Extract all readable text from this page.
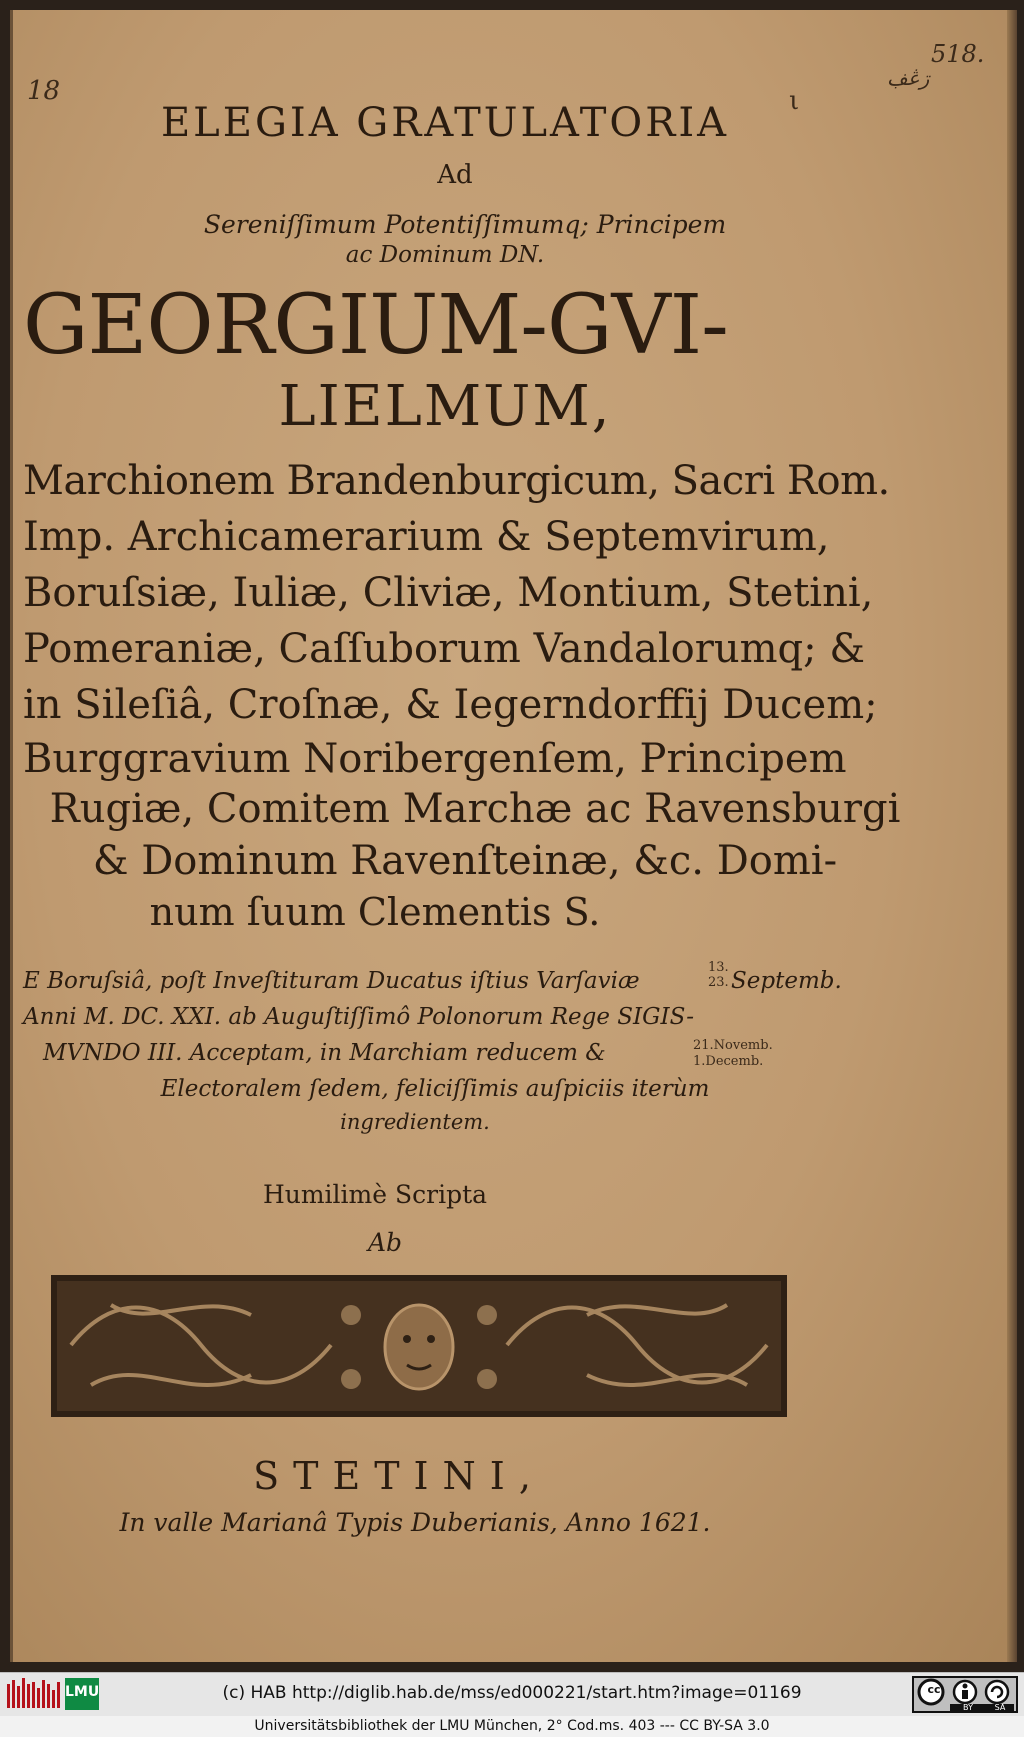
518.
ڗڠڣ
18	ι
ELEGIA GRATULATORIA
Ad
Sereniſſimum Potentiſſimumq; Principem
ac Dominum DN.
GEORGIUM-GVI-
LIELMUM,
Marchionem Brandenburgicum, Sacri Rom.
Imp. Archicamerarium & Septemvirum,
Boruſsiæ, Iuliæ, Cliviæ, Montium, Stetini,
Pomeraniæ, Caſſuborum Vandalorumq; &
in Sileſiâ, Croſnæ, & Iegerndorffij Ducem;
Burggravium Noribergenſem, Principem
Rugiæ, Comitem Marchæ ac Ravensburgi
& Dominum Ravenſteinæ, &c. Domi-
num ſuum Clementis S.
E Boruſsiâ, poſt Inveſtituram Ducatus iſtius Varſaviæ
13.
23. Septemb.
Anni M. DC. XXI. ab Auguſtiſſimô Polonorum Rege SIGIS-
MVNDO III. Acceptam, in Marchiam reducem &	21.Novemb.
1.Decemb.
Electoralem ſedem, feliciſſimis auſpiciis iterùm
ingredientem.
Humilimè Scripta
Ab
STETINI,
In valle Marianâ Typis Duberianis, Anno 1621.
LMU	(c) HAB http://diglib.hab.de/mss/ed000221/start.htm?image=01169	cc
BY	SA
Universitätsbibliothek der LMU München, 2° Cod.ms. 403 --- CC BY-SA 3.0
